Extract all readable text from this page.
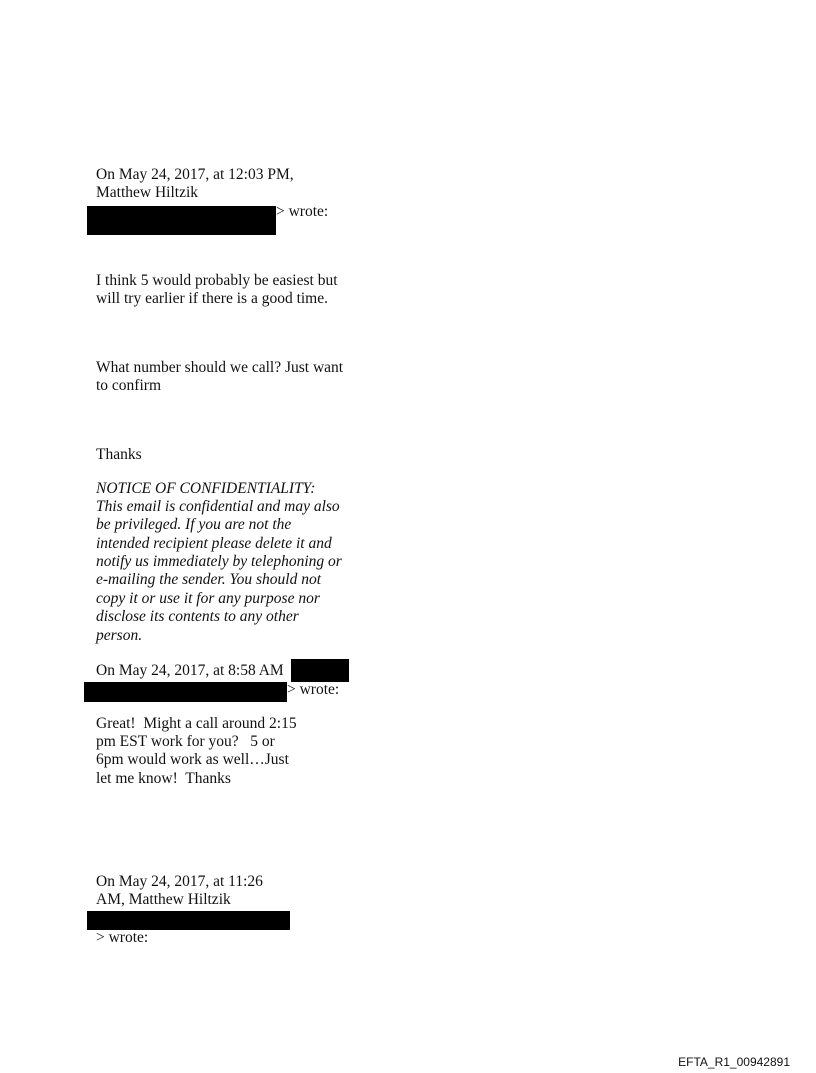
On May 24, 2017, at 12:03 PM,
Matthew Hiltzik
> wrote:
I think 5 would probably be easiest but
will try earlier if there is a good time.
What number should we call? Just want
to confirm
Thanks
NOTICE OF CONFIDENTIALITY:
This email is confidential and may also
be privileged. If you are not the
intended recipient please delete it and
notify us immediately by telephoning or
e-mailing the sender. You should not
copy it or use it for any purpose nor
disclose its contents to any other
person.
On May 24, 2017, at 8:58 AM
> wrote:
Great!  Might a call around 2:15
pm EST work for you?   5 or
6pm would work as well…Just
let me know!  Thanks
On May 24, 2017, at 11:26
AM, Matthew Hiltzik
> wrote:
EFTA_R1_00942891
